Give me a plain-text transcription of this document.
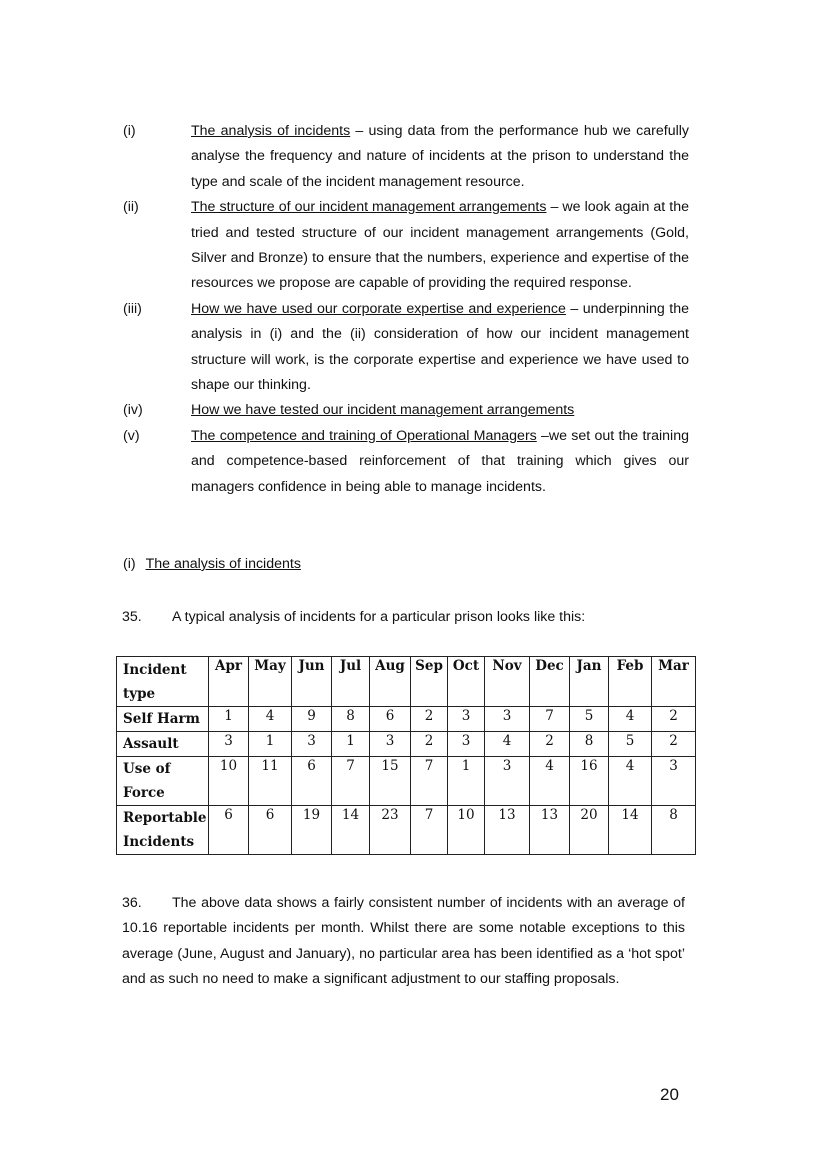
(i)	The analysis of incidents – using data from the performance hub we carefully analyse the frequency and nature of incidents at the prison to understand the type and scale of the incident management resource.
(ii)	The structure of our incident management arrangements – we look again at the tried and tested structure of our incident management arrangements (Gold, Silver and Bronze) to ensure that the numbers, experience and expertise of the resources we propose are capable of providing the required response.
(iii)	How we have used our corporate expertise and experience – underpinning the analysis in (i) and the (ii) consideration of how our incident management structure will work, is the corporate expertise and experience we have used to shape our thinking.
(iv)	How we have tested our incident management arrangements
(v)	The competence and training of Operational Managers –we set out the training and competence-based reinforcement of that training which gives our managers confidence in being able to manage incidents.
(i) The analysis of incidents
35. A typical analysis of incidents for a particular prison looks like this:
Incident
type	Apr	May	Jun	Jul	Aug	Sep	Oct	Nov	Dec	Jan	Feb	Mar
Self Harm	1	4	9	8	6	2	3	3	7	5	4	2
Assault	3	1	3	1	3	2	3	4	2	8	5	2
Use of
Force	10	11	6	7	15	7	1	3	4	16	4	3
Reportable
Incidents	6	6	19	14	23	7	10	13	13	20	14	8
36. The above data shows a fairly consistent number of incidents with an average of 10.16 reportable incidents per month. Whilst there are some notable exceptions to this average (June, August and January), no particular area has been identified as a ‘hot spot’ and as such no need to make a significant adjustment to our staffing proposals.
20
